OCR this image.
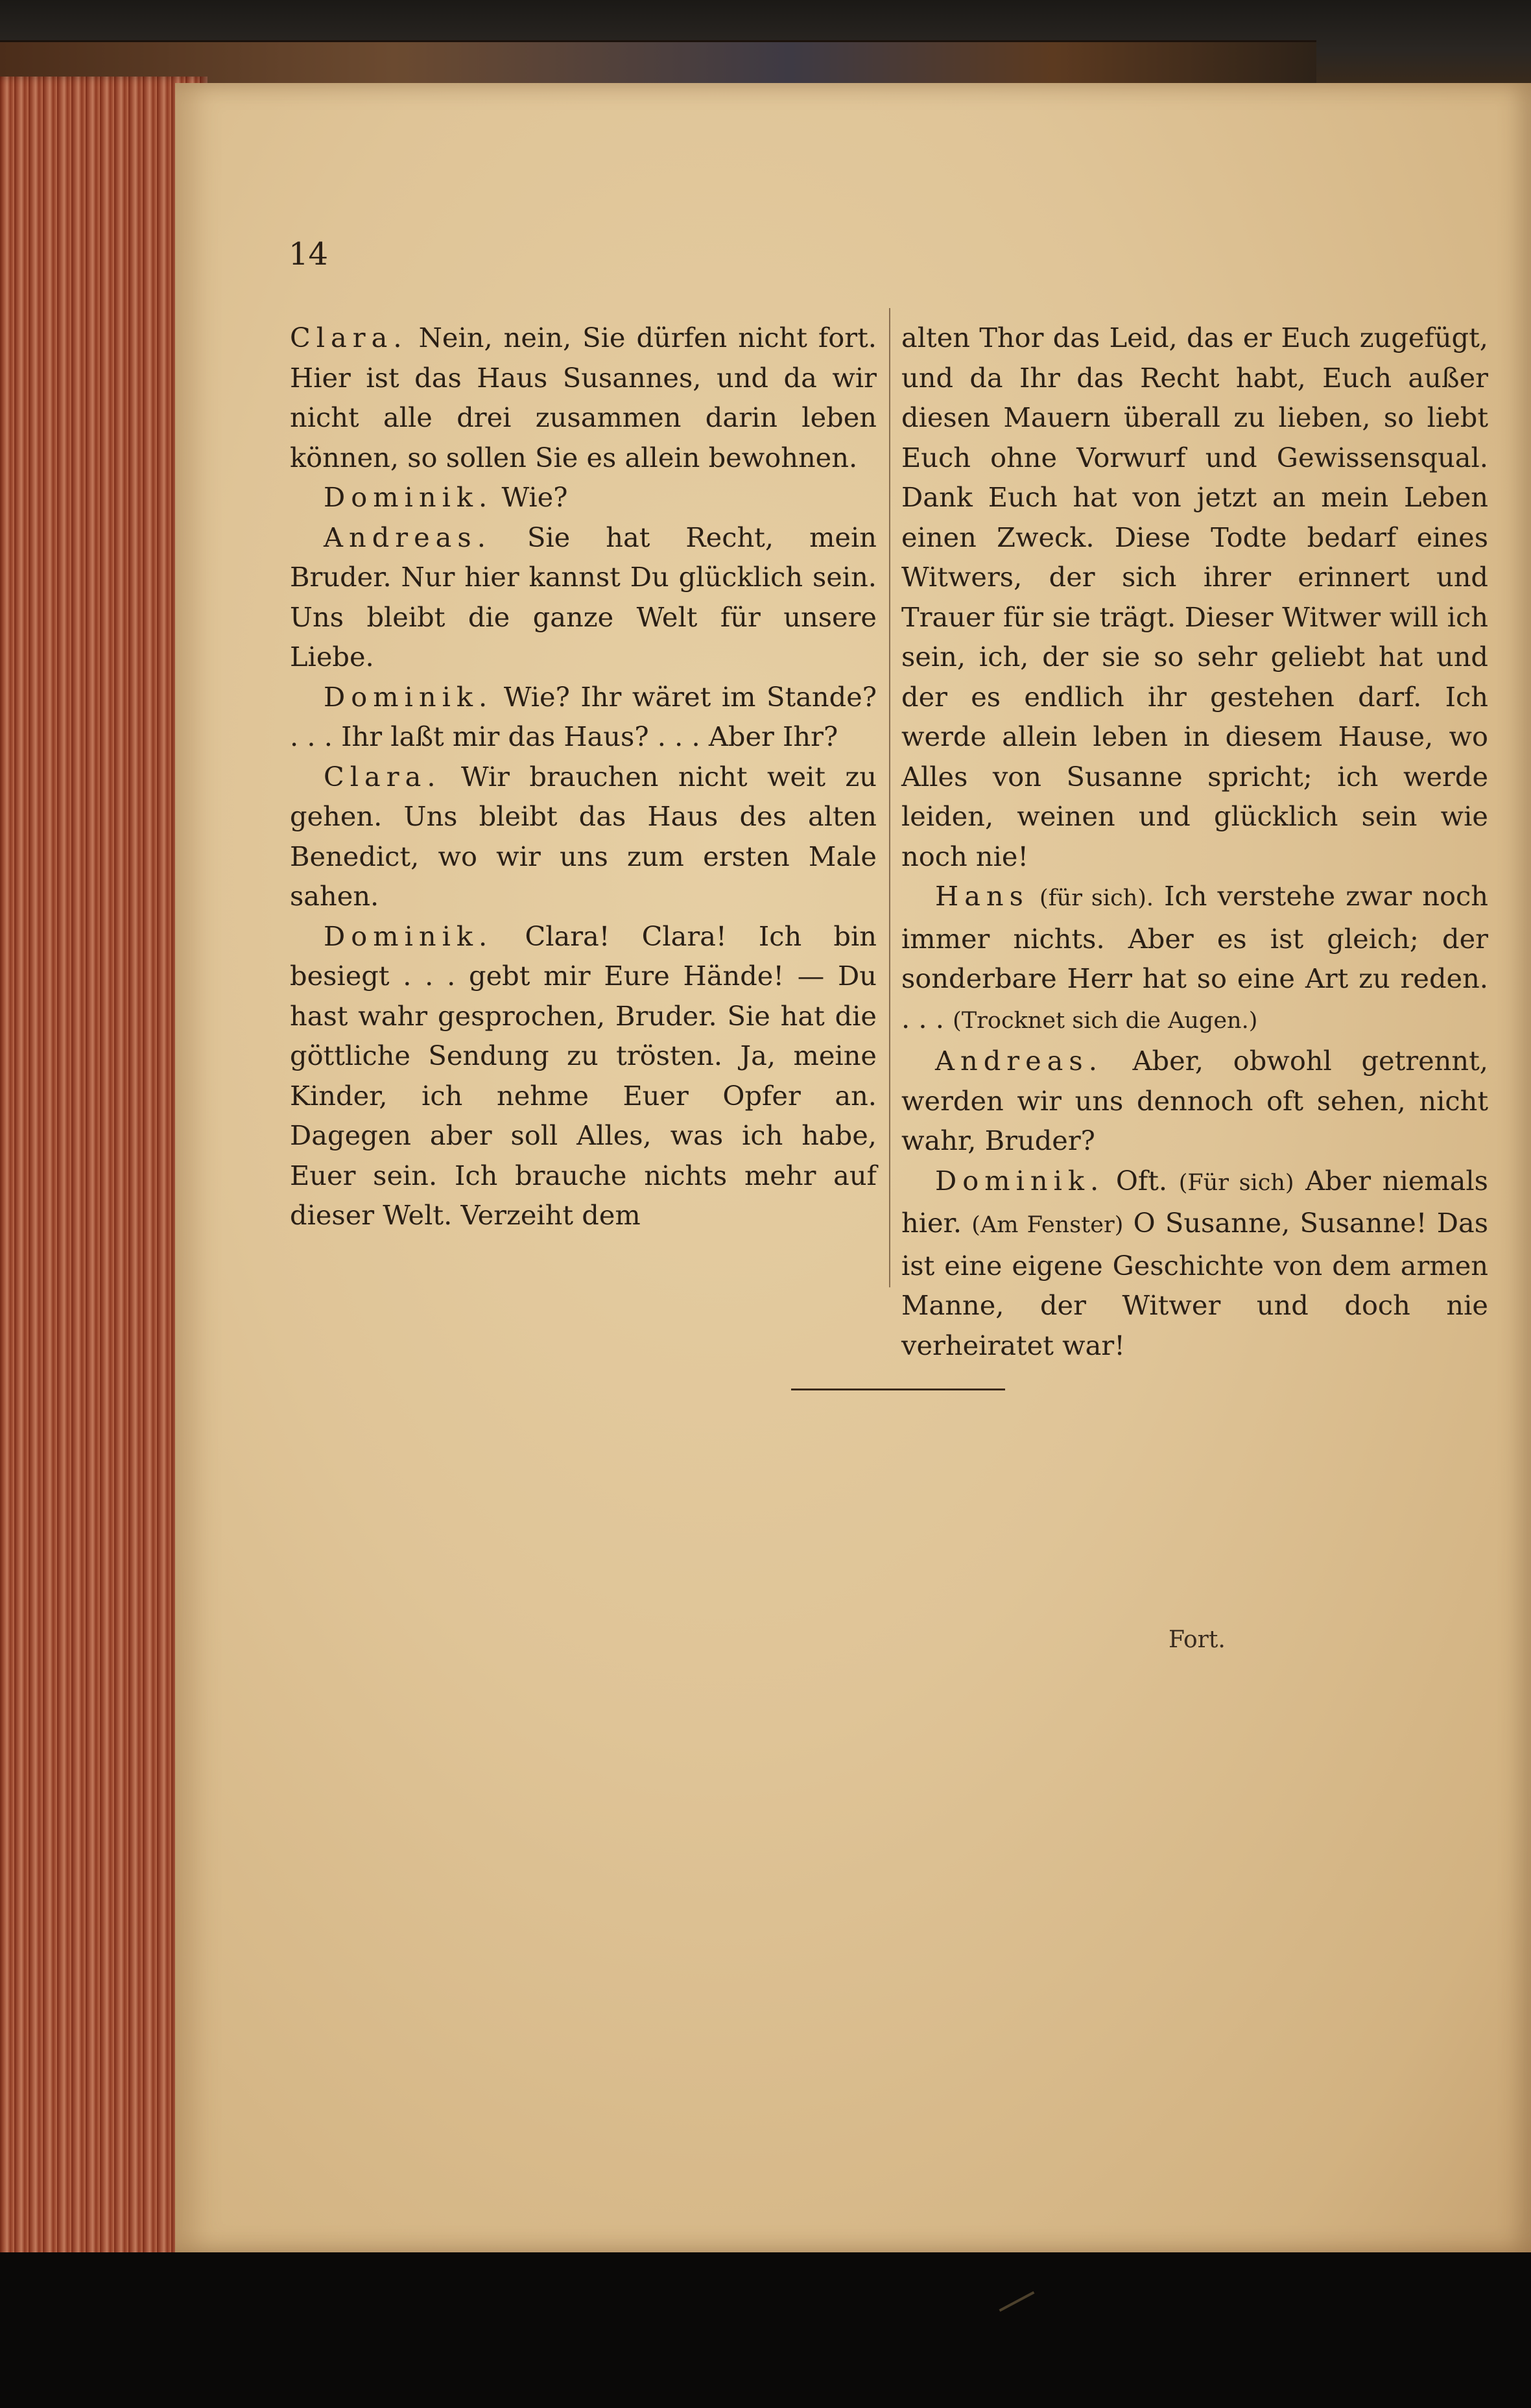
14

Clara. Nein, nein, Sie dürfen nicht fort. Hier ist das Haus Susannes, und da wir nicht alle drei zusammen darin leben können, so sollen Sie es allein bewohnen.

Dominik. Wie?

Andreas. Sie hat Recht, mein Bruder. Nur hier kannst Du glücklich sein. Uns bleibt die ganze Welt für unsere Liebe.

Dominik. Wie? Ihr wäret im Stande? . . . Ihr laßt mir das Haus? . . . Aber Ihr?

Clara. Wir brauchen nicht weit zu gehen. Uns bleibt das Haus des alten Benedict, wo wir uns zum ersten Male sahen.

Dominik. Clara! Clara! Ich bin besiegt . . . gebt mir Eure Hände! — Du hast wahr gesprochen, Bruder. Sie hat die göttliche Sendung zu trösten. Ja, meine Kinder, ich nehme Euer Opfer an. Dagegen aber soll Alles, was ich habe, Euer sein. Ich brauche nichts mehr auf dieser Welt. Verzeiht dem

alten Thor das Leid, das er Euch zugefügt, und da Ihr das Recht habt, Euch außer diesen Mauern überall zu lieben, so liebt Euch ohne Vorwurf und Gewissensqual. Dank Euch hat von jetzt an mein Leben einen Zweck. Diese Todte bedarf eines Witwers, der sich ihrer erinnert und Trauer für sie trägt. Dieser Witwer will ich sein, ich, der sie so sehr geliebt hat und der es endlich ihr gestehen darf. Ich werde allein leben in diesem Hause, wo Alles von Susanne spricht; ich werde leiden, weinen und glücklich sein wie noch nie!

Hans (für sich). Ich verstehe zwar noch immer nichts. Aber es ist gleich; der sonderbare Herr hat so eine Art zu reden. . . . (Trocknet sich die Augen.)

Andreas. Aber, obwohl getrennt, werden wir uns dennoch oft sehen, nicht wahr, Bruder?

Dominik. Oft. (Für sich) Aber niemals hier. (Am Fenster) O Susanne, Susanne! Das ist eine eigene Geschichte von dem armen Manne, der Witwer und doch nie verheiratet war!

Fort.
